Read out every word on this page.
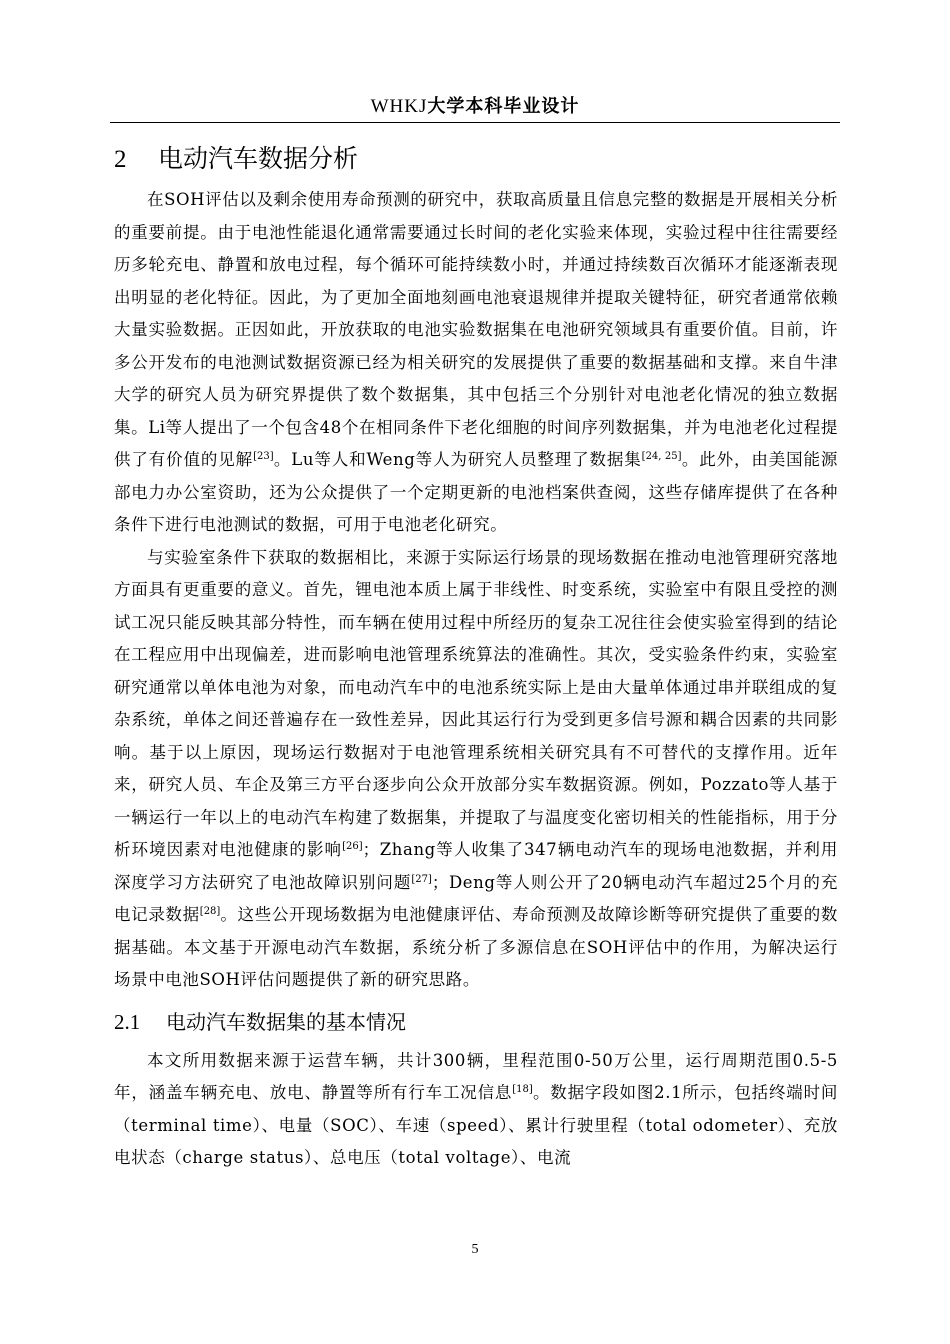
WHKJ大学本科毕业设计
2 电动汽车数据分析

在SOH评估以及剩余使用寿命预测的研究中，获取高质量且信息完整的数据是开展相关分析的重要前提。由于电池性能退化通常需要通过长时间的老化实验来体现，实验过程中往往需要经历多轮充电、静置和放电过程，每个循环可能持续数小时，并通过持续数百次循环才能逐渐表现出明显的老化特征。因此，为了更加全面地刻画电池衰退规律并提取关键特征，研究者通常依赖大量实验数据。正因如此，开放获取的电池实验数据集在电池研究领域具有重要价值。目前，许多公开发布的电池测试数据资源已经为相关研究的发展提供了重要的数据基础和支撑。来自牛津大学的研究人员为研究界提供了数个数据集，其中包括三个分别针对电池老化情况的独立数据集。Li等人提出了一个包含48个在相同条件下老化细胞的时间序列数据集，并为电池老化过程提供了有价值的见解[23]。Lu等人和Weng等人为研究人员整理了数据集[24, 25]。此外，由美国能源部电力办公室资助，还为公众提供了一个定期更新的电池档案供查阅，这些存储库提供了在各种条件下进行电池测试的数据，可用于电池老化研究。

与实验室条件下获取的数据相比，来源于实际运行场景的现场数据在推动电池管理研究落地方面具有更重要的意义。首先，锂电池本质上属于非线性、时变系统，实验室中有限且受控的测试工况只能反映其部分特性，而车辆在使用过程中所经历的复杂工况往往会使实验室得到的结论在工程应用中出现偏差，进而影响电池管理系统算法的准确性。其次，受实验条件约束，实验室研究通常以单体电池为对象，而电动汽车中的电池系统实际上是由大量单体通过串并联组成的复杂系统，单体之间还普遍存在一致性差异，因此其运行行为受到更多信号源和耦合因素的共同影响。基于以上原因，现场运行数据对于电池管理系统相关研究具有不可替代的支撑作用。近年来，研究人员、车企及第三方平台逐步向公众开放部分实车数据资源。例如，Pozzato等人基于一辆运行一年以上的电动汽车构建了数据集，并提取了与温度变化密切相关的性能指标，用于分析环境因素对电池健康的影响[26]；Zhang等人收集了347辆电动汽车的现场电池数据，并利用深度学习方法研究了电池故障识别问题[27]；Deng等人则公开了20辆电动汽车超过25个月的充电记录数据[28]。这些公开现场数据为电池健康评估、寿命预测及故障诊断等研究提供了重要的数据基础。本文基于开源电动汽车数据，系统分析了多源信息在SOH评估中的作用，为解决运行场景中电池SOH评估问题提供了新的研究思路。

2.1 电动汽车数据集的基本情况

本文所用数据来源于运营车辆，共计300辆，里程范围0-50万公里，运行周期范围0.5-5年，涵盖车辆充电、放电、静置等所有行车工况信息[18]。数据字段如图2.1所示，包括终端时间（terminal time）、电量（SOC）、车速（speed）、累计行驶里程（total odometer）、充放电状态（charge status）、总电压（total voltage）、电流

5
